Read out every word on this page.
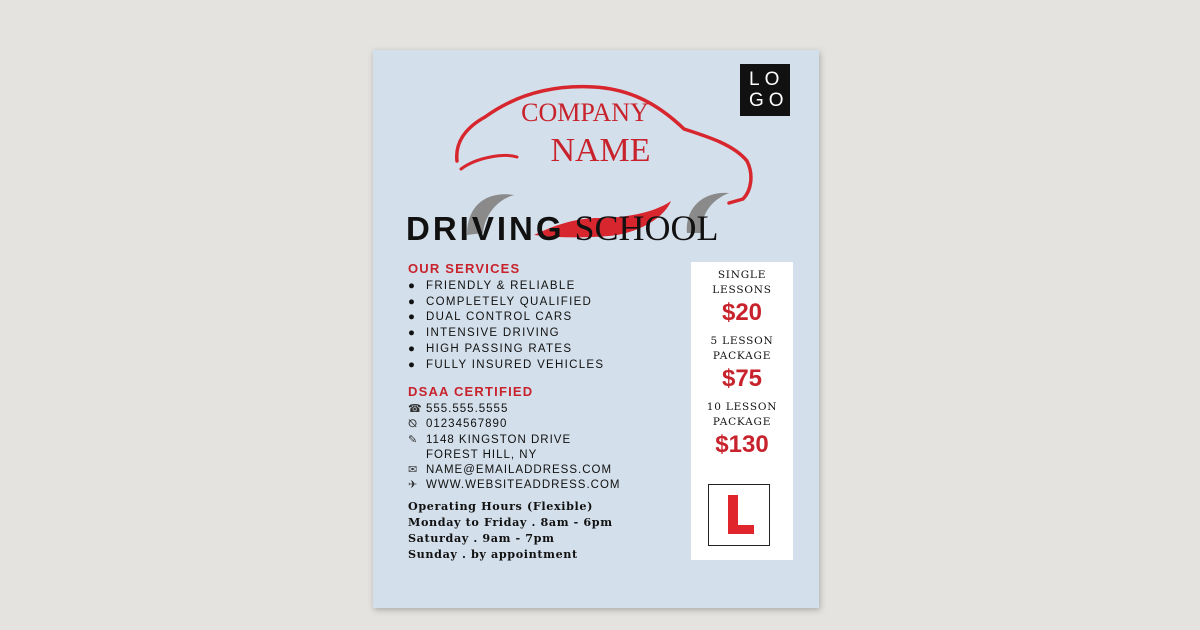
LO
GO
COMPANY
NAME
DRIVING SCHOOL
OUR SERVICES
● FRIENDLY & RELIABLE
● COMPLETELY QUALIFIED
● DUAL CONTROL CARS
● INTENSIVE DRIVING
● HIGH PASSING RATES
● FULLY INSURED VEHICLES
DSAA CERTIFIED
☎ 555.555.5555
⦰ 01234567890
✎ 1148 KINGSTON DRIVE
FOREST HILL, NY
✉ NAME@EMAILADDRESS.COM
✈ WWW.WEBSITEADDRESS.COM
Operating Hours (Flexible)
Monday to Friday . 8am - 6pm
Saturday . 9am - 7pm
Sunday . by appointment
SINGLE
LESSONS
$20
5 LESSON
PACKAGE
$75
10 LESSON
PACKAGE
$130
